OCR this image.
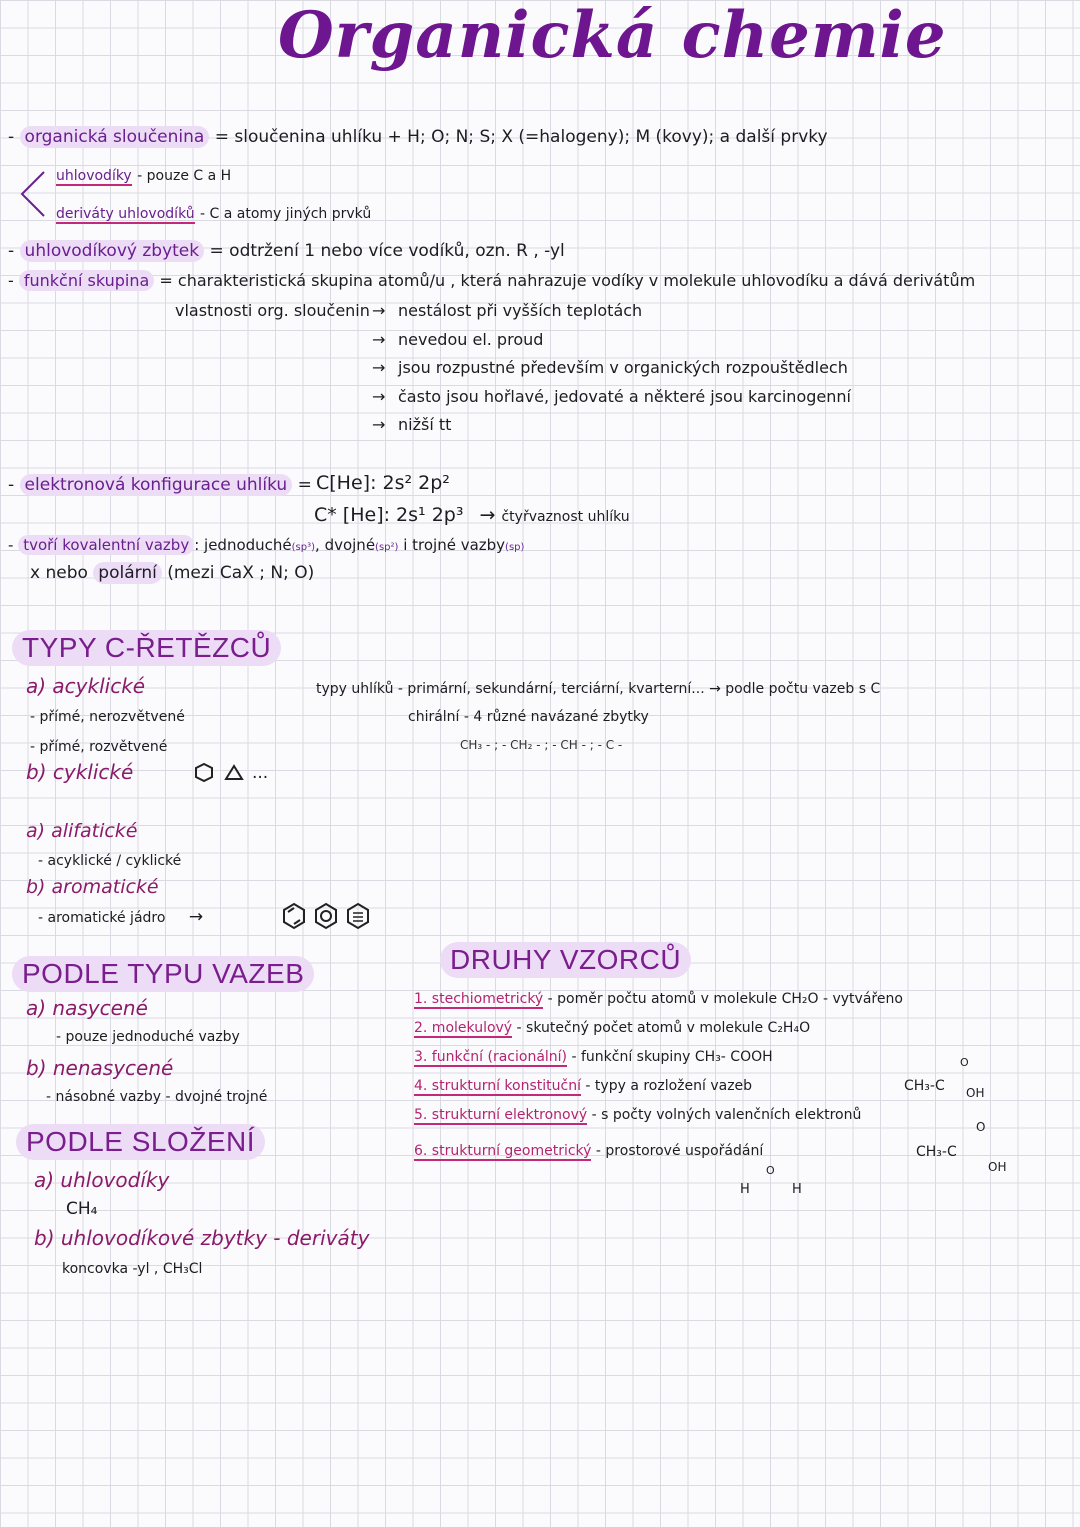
Organická chemie
- organická sloučenina = sloučenina uhlíku + H; O; N; S; X (=halogeny); M (kovy); a další prvky
uhlovodíky - pouze C a H
deriváty uhlovodíků - C a atomy jiných prvků
- uhlovodíkový zbytek = odtržení 1 nebo více vodíků, ozn. R , -yl
- funkční skupina = charakteristická skupina atomů/u , která nahrazuje vodíky v molekule uhlovodíku a dává derivátům
vlastnosti org. sloučenin → nestálost při vyšších teplotách
→ nevedou el. proud
→ jsou rozpustné především v organických rozpouštědlech
→ často jsou hořlavé, jedovaté a některé jsou karcinogenní
→ nižší tt
- elektronová konfigurace uhlíku = C[He]: 2s² 2p²
C* [He]: 2s¹ 2p³ → čtyřvaznost uhlíku
- tvoří kovalentní vazby : jednoduché(sp³), dvojné(sp²) i trojné vazby(sp)
x nebo polární (mezi CaX ; N; O)
TYPY C-ŘETĚZCŮ
a) acyklické
- přímé, nerozvětvené
- přímé, rozvětvené
b) cyklické	...
typy uhlíků - primární, sekundární, terciární, kvarterní... → podle počtu vazeb s C
chirální - 4 různé navázané zbytky
CH₃ - ; - CH₂ - ; - CH - ; - C -
a) alifatické
- acyklické / cyklické
b) aromatické
- aromatické jádro →
PODLE TYPU VAZEB
a) nasycené
- pouze jednoduché vazby
b) nenasycené
- násobné vazby - dvojné trojné
PODLE SLOŽENÍ
a) uhlovodíky
CH₄
b) uhlovodíkové zbytky - deriváty
koncovka -yl , CH₃Cl
DRUHY VZORCŮ
1. stechiometrický - poměr počtu atomů v molekule CH₂O - vytvářeno
2. molekulový - skutečný počet atomů v molekule C₂H₄O
3. funkční (racionální) - funkční skupiny CH₃- COOH
4. strukturní konstituční - typy a rozložení vazeb
5. strukturní elektronový - s počty volných valenčních elektronů
6. strukturní geometrický - prostorové uspořádání
CH₃-C
O
OH
CH₃-C
O
OH
H
O
H
